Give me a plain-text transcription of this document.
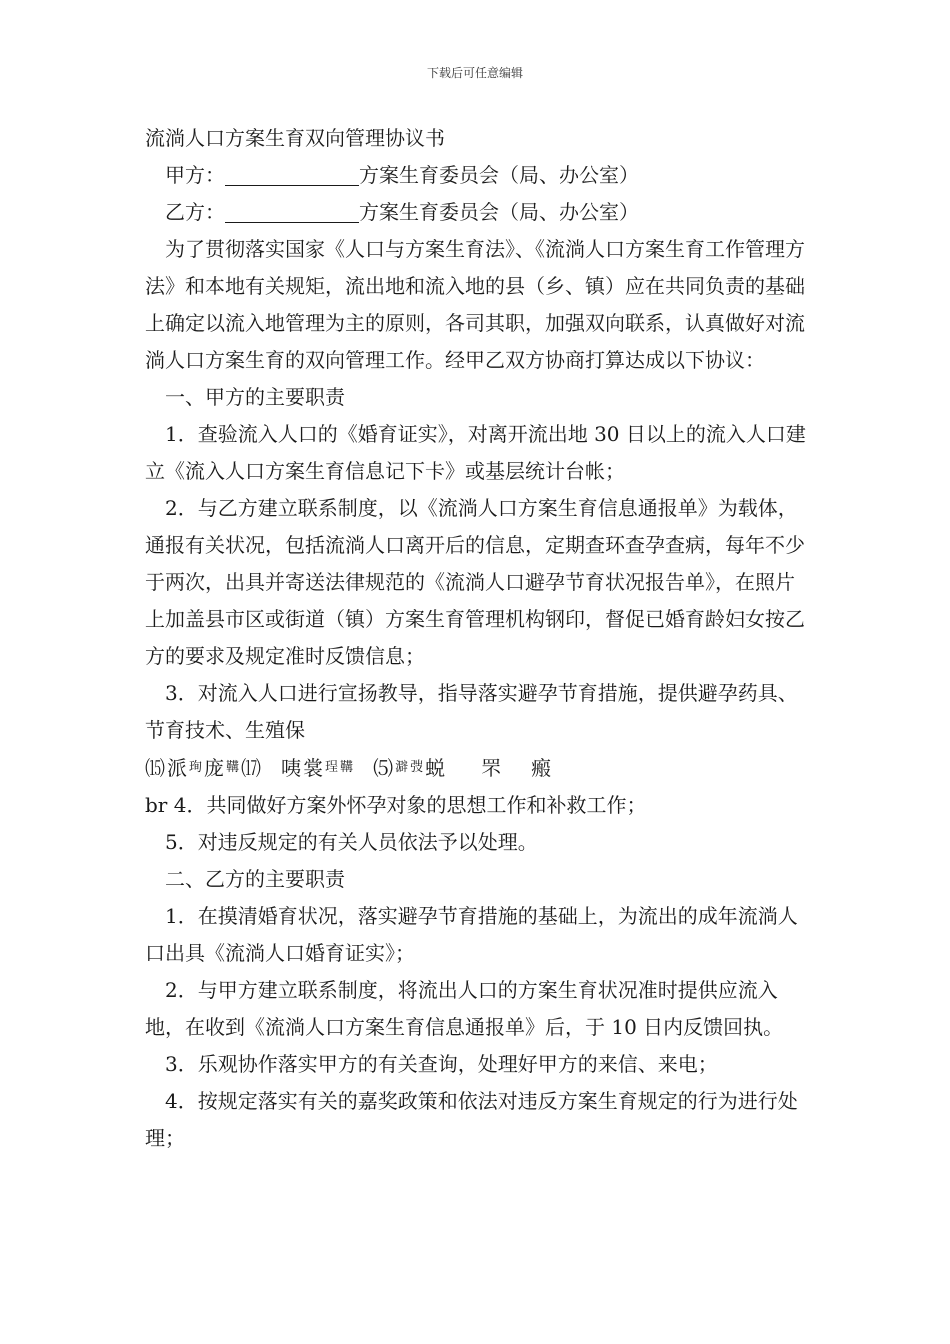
下载后可任意编辑

流淌人口方案生育双向管理协议书

甲方：	方案生育委员会（局、办公室）

乙方：	方案生育委员会（局、办公室）

为了贯彻落实国家《人口与方案生育法》、《流淌人口方案生育工作管理方法》和本地有关规矩，流出地和流入地的县（乡、镇）应在共同负责的基础上确定以流入地管理为主的原则，各司其职，加强双向联系，认真做好对流淌人口方案生育的双向管理工作。经甲乙双方协商打算达成以下协议：

一、甲方的主要职责

1．查验流入人口的《婚育证实》，对离开流出地 30 日以上的流入人口建立《流入人口方案生育信息记下卡》或基层统计台帐；

2．与乙方建立联系制度，以《流淌人口方案生育信息通报单》为载体，通报有关状况，包括流淌人口离开后的信息，定期查环查孕查病，每年不少于两次，出具并寄送法律规范的《流淌人口避孕节育状况报告单》，在照片上加盖县市区或街道（镇）方案生育管理机构钢印，督促已婚育龄妇女按乙方的要求及规定准时反馈信息；

3．对流入人口进行宣扬教导，指导落实避孕节育措施，提供避孕药具、节育技术、生殖保

⒂派$^珣$庞$^鞲$⒄ 咦裳$^{珵鞲}$ ⑸$^{澼弢}$蜕 罘 瘢

br 4．共同做好方案外怀孕对象的思想工作和补救工作；

5．对违反规定的有关人员依法予以处理。

二、乙方的主要职责

1．在摸清婚育状况，落实避孕节育措施的基础上，为流出的成年流淌人口出具《流淌人口婚育证实》；

2．与甲方建立联系制度，将流出人口的方案生育状况准时提供应流入地，在收到《流淌人口方案生育信息通报单》后，于 10 日内反馈回执。

3．乐观协作落实甲方的有关查询，处理好甲方的来信、来电；

4．按规定落实有关的嘉奖政策和依法对违反方案生育规定的行为进行处理；
